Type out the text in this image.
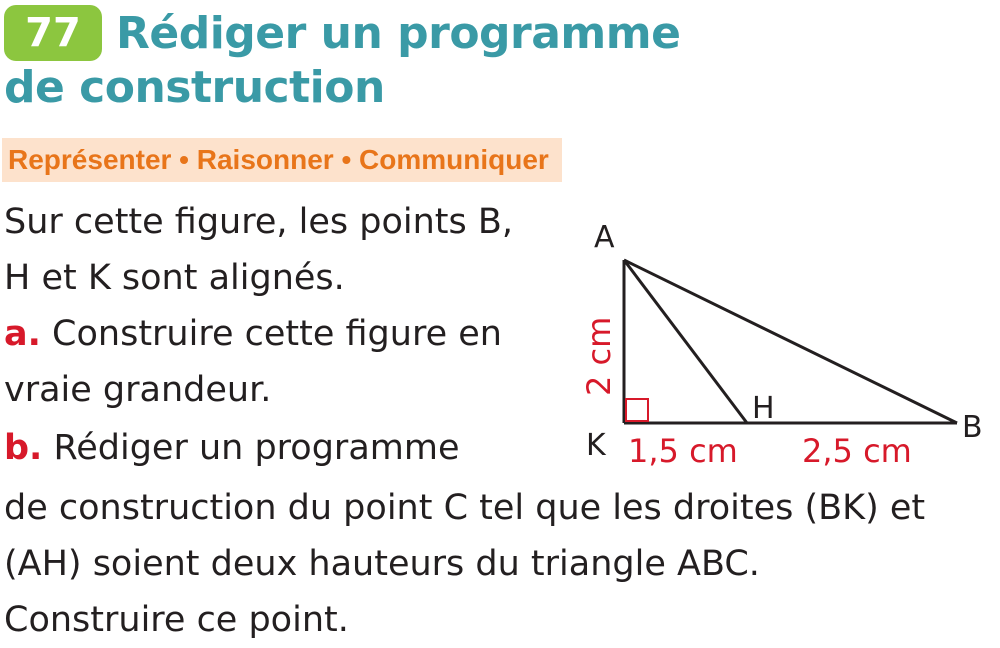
77 Rédiger un programme
de construction
Représenter • Raisonner • Communiquer

Sur cette figure, les points B,

H et K sont alignés.

a. Construire cette figure en

vraie grandeur.

b. Rédiger un programme

de construction du point C tel que les droites (BK) et

(AH) soient deux hauteurs du triangle ABC.

Construire ce point.

A
B
H
K
2 cm
1,5 cm 2,5 cm
